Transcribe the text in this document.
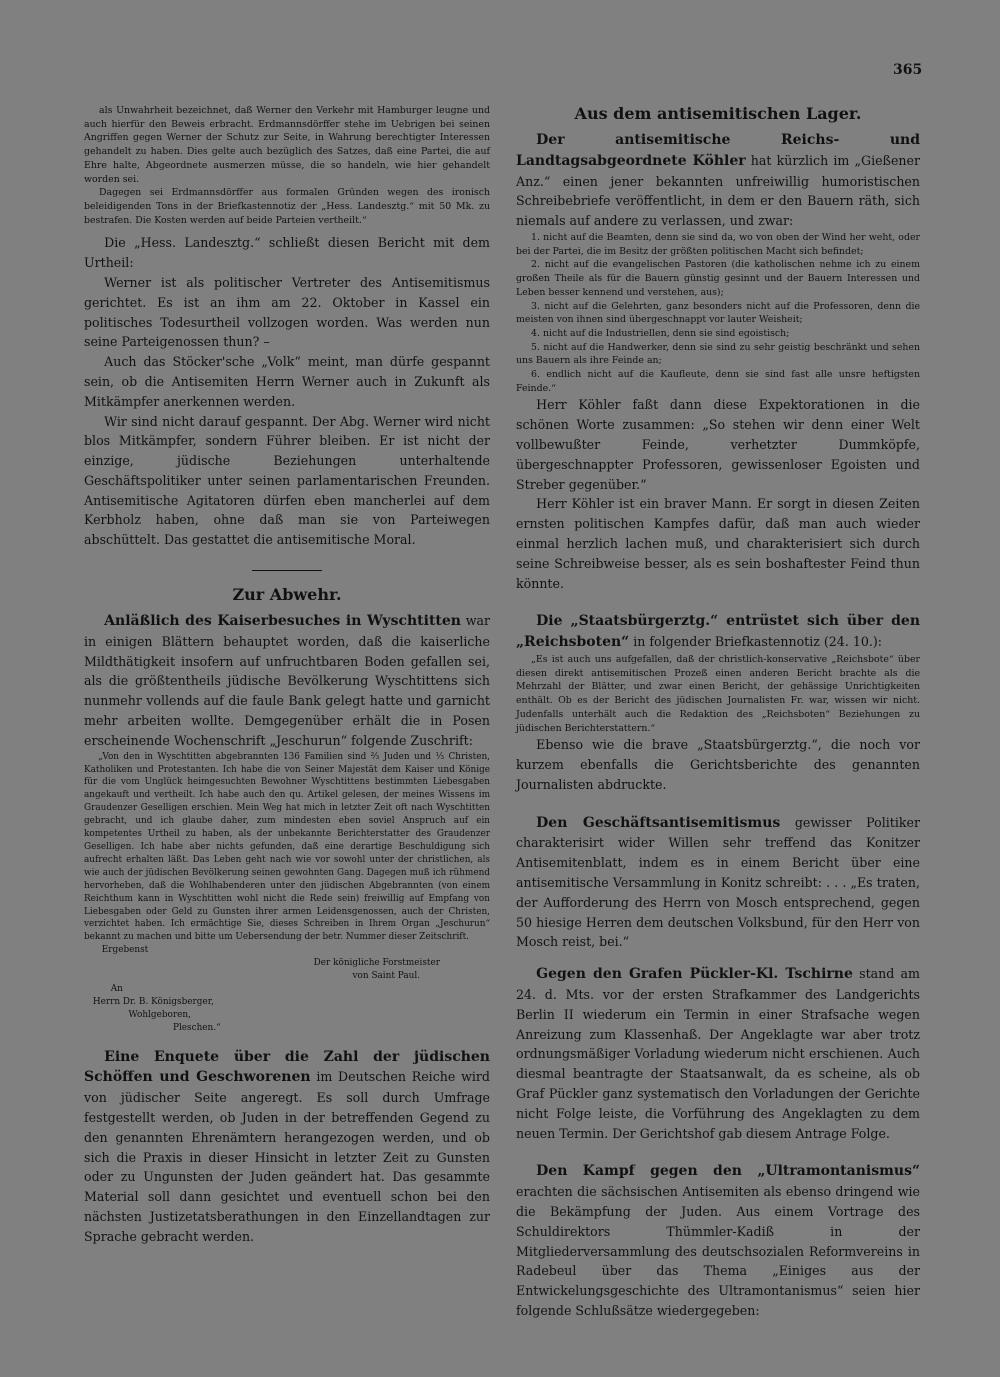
365

als Unwahrheit bezeichnet, daß Werner den Verkehr mit Hamburger leugne und auch hierfür den Beweis erbracht. Erdmannsdörffer stehe im Uebrigen bei seinen Angriffen gegen Werner der Schutz zur Seite, in Wahrung berechtigter Interessen gehandelt zu haben. Dies gelte auch bezüglich des Satzes, daß eine Partei, die auf Ehre halte, Abgeordnete ausmerzen müsse, die so handeln, wie hier gehandelt worden sei.

Dagegen sei Erdmannsdörffer aus formalen Gründen wegen des ironisch beleidigenden Tons in der Briefkastennotiz der „Hess. Landesztg.“ mit 50 Mk. zu bestrafen. Die Kosten werden auf beide Parteien vertheilt.“

Die „Hess. Landesztg.“ schließt diesen Bericht mit dem Urtheil:

Werner ist als politischer Vertreter des Antisemitismus gerichtet. Es ist an ihm am 22. Oktober in Kassel ein politisches Todesurtheil vollzogen worden. Was werden nun seine Parteigenossen thun? –

Auch das Stöcker'sche „Volk“ meint, man dürfe gespannt sein, ob die Antisemiten Herrn Werner auch in Zukunft als Mitkämpfer anerkennen werden.

Wir sind nicht darauf gespannt. Der Abg. Werner wird nicht blos Mitkämpfer, sondern Führer bleiben. Er ist nicht der einzige, jüdische Beziehungen unterhaltende Geschäftspolitiker unter seinen parlamentarischen Freunden. Antisemitische Agitatoren dürfen eben mancherlei auf dem Kerbholz haben, ohne daß man sie von Parteiwegen abschüttelt. Das gestattet die antisemitische Moral.

Zur Abwehr.

Anläßlich des Kaiserbesuches in Wyschtitten war in einigen Blättern behauptet worden, daß die kaiserliche Mildthätigkeit insofern auf unfruchtbaren Boden gefallen sei, als die größtentheils jüdische Bevölkerung Wyschtittens sich nunmehr vollends auf die faule Bank gelegt hatte und garnicht mehr arbeiten wollte. Demgegenüber erhält die in Posen erscheinende Wochenschrift „Jeschurun“ folgende Zuschrift:

„Von den in Wyschtitten abgebrannten 136 Familien sind ⅔ Juden und ⅓ Christen, Katholiken und Protestanten. Ich habe die von Seiner Majestät dem Kaiser und Könige für die vom Unglück heimgesuchten Bewohner Wyschtittens bestimmten Liebesgaben angekauft und vertheilt. Ich habe auch den qu. Artikel gelesen, der meines Wissens im Graudenzer Geselligen erschien. Mein Weg hat mich in letzter Zeit oft nach Wyschtitten gebracht, und ich glaube daher, zum mindesten eben soviel Anspruch auf ein kompetentes Urtheil zu haben, als der unbekannte Berichterstatter des Graudenzer Geselligen. Ich habe aber nichts gefunden, daß eine derartige Beschuldigung sich aufrecht erhalten läßt. Das Leben geht nach wie vor sowohl unter der christlichen, als wie auch der jüdischen Bevölkerung seinen gewohnten Gang. Dagegen muß ich rühmend hervorheben, daß die Wohlhabenderen unter den jüdischen Abgebrannten (von einem Reichthum kann in Wyschtitten wohl nicht die Rede sein) freiwillig auf Empfang von Liebesgaben oder Geld zu Gunsten ihrer armen Leidensgenossen, auch der Christen, verzichtet haben. Ich ermächtige Sie, dieses Schreiben in Ihrem Organ „Jeschurun“ bekannt zu machen und bitte um Uebersendung der betr. Nummer dieser Zeitschrift.

Ergebenst

Der königliche Forstmeister

von Saint Paul.

An

Herrn Dr. B. Königsberger,

Wohlgeboren,

Pleschen.“

Eine Enquete über die Zahl der jüdischen Schöffen und Geschworenen im Deutschen Reiche wird von jüdischer Seite angeregt. Es soll durch Umfrage festgestellt werden, ob Juden in der betreffenden Gegend zu den genannten Ehrenämtern herangezogen werden, und ob sich die Praxis in dieser Hinsicht in letzter Zeit zu Gunsten oder zu Ungunsten der Juden geändert hat. Das gesammte Material soll dann gesichtet und eventuell schon bei den nächsten Justizetatsberathungen in den Einzellandtagen zur Sprache gebracht werden.

Aus dem antisemitischen Lager.

Der antisemitische Reichs- und Landtagsabgeordnete Köhler hat kürzlich im „Gießener Anz.“ einen jener bekannten unfreiwillig humoristischen Schreibebriefe veröffentlicht, in dem er den Bauern räth, sich niemals auf andere zu verlassen, und zwar:

1. nicht auf die Beamten, denn sie sind da, wo von oben der Wind her weht, oder bei der Partei, die im Besitz der größten politischen Macht sich befindet;

2. nicht auf die evangelischen Pastoren (die katholischen nehme ich zu einem großen Theile als für die Bauern günstig gesinnt und der Bauern Interessen und Leben besser kennend und verstehen, aus);

3. nicht auf die Gelehrten, ganz besonders nicht auf die Professoren, denn die meisten von ihnen sind übergeschnappt vor lauter Weisheit;

4. nicht auf die Industriellen, denn sie sind egoistisch;

5. nicht auf die Handwerker, denn sie sind zu sehr geistig beschränkt und sehen uns Bauern als ihre Feinde an;

6. endlich nicht auf die Kaufleute, denn sie sind fast alle unsre heftigsten Feinde.“

Herr Köhler faßt dann diese Expektorationen in die schönen Worte zusammen: „So stehen wir denn einer Welt vollbewußter Feinde, verhetzter Dummköpfe, übergeschnappter Professoren, gewissenloser Egoisten und Streber gegenüber.“

Herr Köhler ist ein braver Mann. Er sorgt in diesen Zeiten ernsten politischen Kampfes dafür, daß man auch wieder einmal herzlich lachen muß, und charakterisiert sich durch seine Schreibweise besser, als es sein boshaftester Feind thun könnte.

Die „Staatsbürgerztg.“ entrüstet sich über den „Reichsboten“ in folgender Briefkastennotiz (24. 10.):

„Es ist auch uns aufgefallen, daß der christlich-konservative „Reichsbote“ über diesen direkt antisemitischen Prozeß einen anderen Bericht brachte als die Mehrzahl der Blätter, und zwar einen Bericht, der gehässige Unrichtigkeiten enthält. Ob es der Bericht des jüdischen Journalisten Fr. war, wissen wir nicht. Judenfalls unterhält auch die Redaktion des „Reichsboten“ Beziehungen zu jüdischen Berichterstattern.“

Ebenso wie die brave „Staatsbürgerztg.“, die noch vor kurzem ebenfalls die Gerichtsberichte des genannten Journalisten abdruckte.

Den Geschäftsantisemitismus gewisser Politiker charakterisirt wider Willen sehr treffend das Konitzer Antisemitenblatt, indem es in einem Bericht über eine antisemitische Versammlung in Konitz schreibt: . . . „Es traten, der Aufforderung des Herrn von Mosch entsprechend, gegen 50 hiesige Herren dem deutschen Volksbund, für den Herr von Mosch reist, bei.“

Gegen den Grafen Pückler-Kl. Tschirne stand am 24. d. Mts. vor der ersten Strafkammer des Landgerichts Berlin II wiederum ein Termin in einer Strafsache wegen Anreizung zum Klassenhaß. Der Angeklagte war aber trotz ordnungsmäßiger Vorladung wiederum nicht erschienen. Auch diesmal beantragte der Staatsanwalt, da es scheine, als ob Graf Pückler ganz systematisch den Vorladungen der Gerichte nicht Folge leiste, die Vorführung des Angeklagten zu dem neuen Termin. Der Gerichtshof gab diesem Antrage Folge.

Den Kampf gegen den „Ultramontanismus“ erachten die sächsischen Antisemiten als ebenso dringend wie die Bekämpfung der Juden. Aus einem Vortrage des Schuldirektors Thümmler-Kadiß in der Mitgliederversammlung des deutschsozialen Reformvereins in Radebeul über das Thema „Einiges aus der Entwickelungsgeschichte des Ultramontanismus“ seien hier folgende Schlußsätze wiedergegeben:
